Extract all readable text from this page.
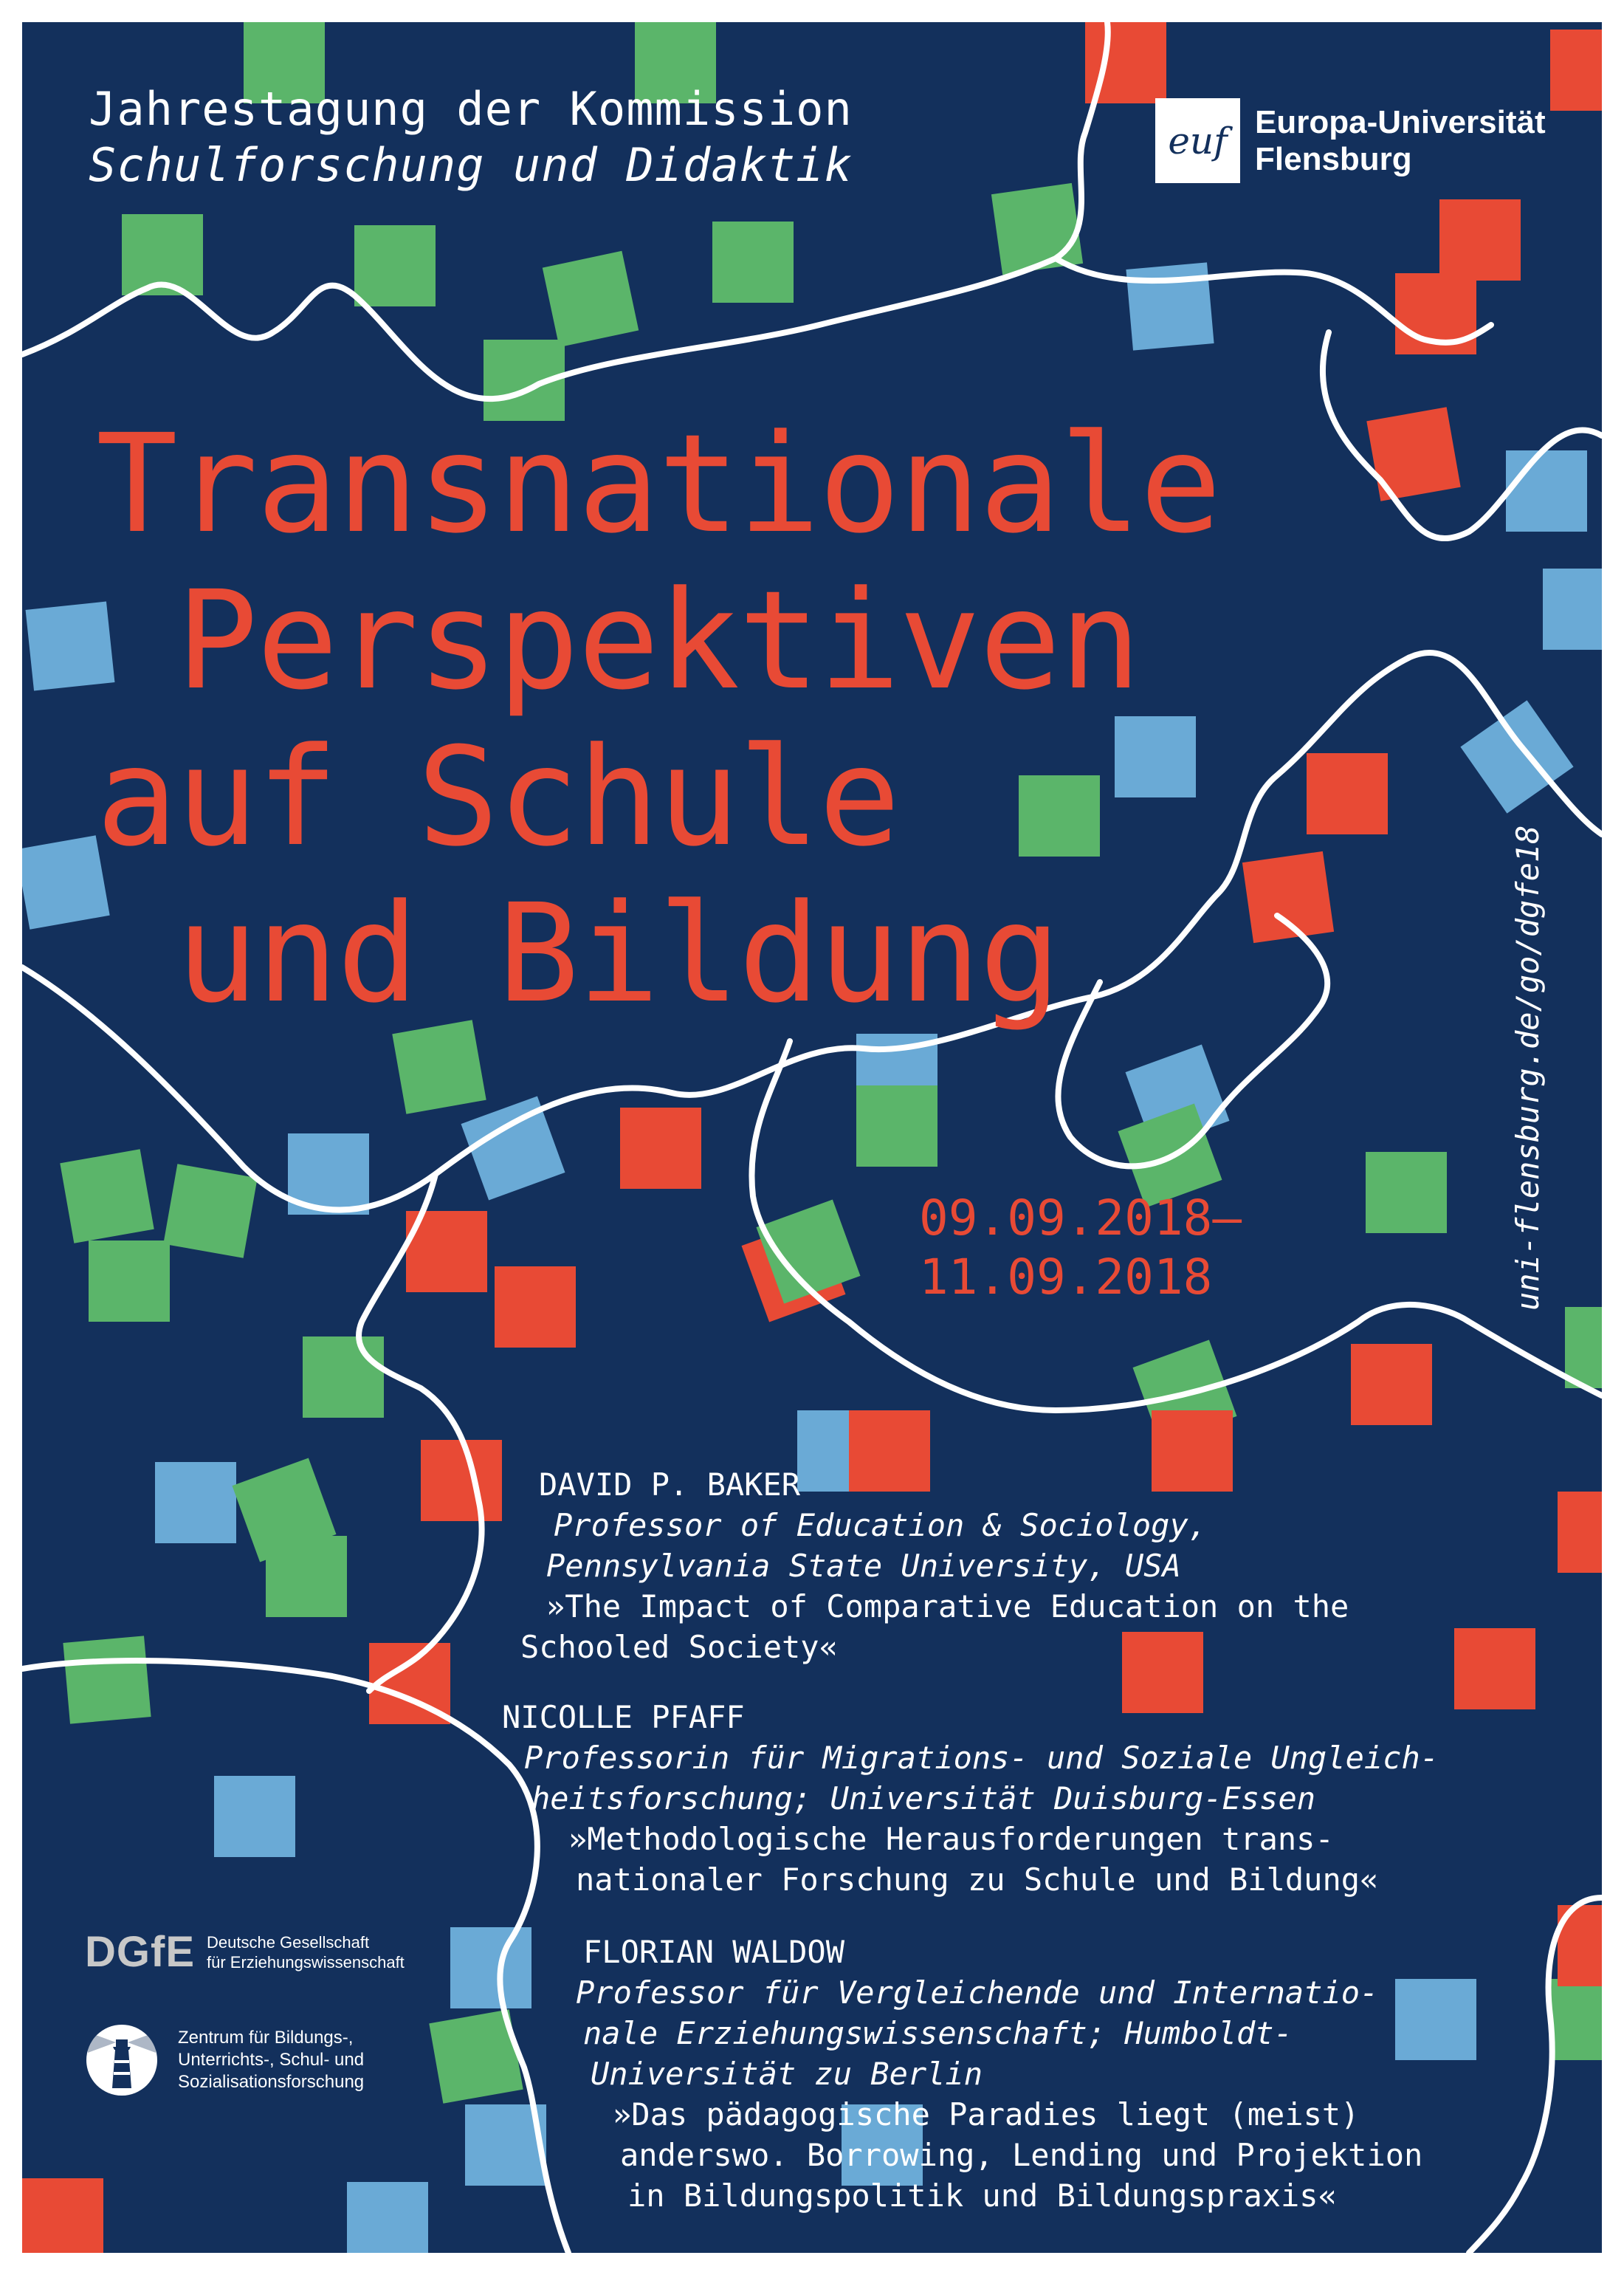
Jahrestagung der Kommission
Schulforschung und Didaktik	euf Europa-Universität
Flensburg
Transnationale
Perspektiven
auf Schule
und Bildung
09.09.2018–
11.09.2018	uni-flensburg.de/go/dgfe18
DAVID P. BAKER
Professor of Education & Sociology,
Pennsylvania State University, USA
»The Impact of Comparative Education on the
Schooled Society«
NICOLLE PFAFF
Professorin für Migrations- und Soziale Ungleich-
heitsforschung; Universität Duisburg-Essen
»Methodologische Herausforderungen trans-
nationaler Forschung zu Schule und Bildung«
FLORIAN WALDOW
Professor für Vergleichende und Internatio-
nale Erziehungswissenschaft; Humboldt-
Universität zu Berlin
»Das pädagogische Paradies liegt (meist)
anderswo. Borrowing, Lending und Projektion
in Bildungspolitik und Bildungspraxis«
DGfE Deutsche Gesellschaft
für Erziehungswissenschaft
Zentrum für Bildungs-,
Unterrichts-, Schul- und
Sozialisationsforschung
